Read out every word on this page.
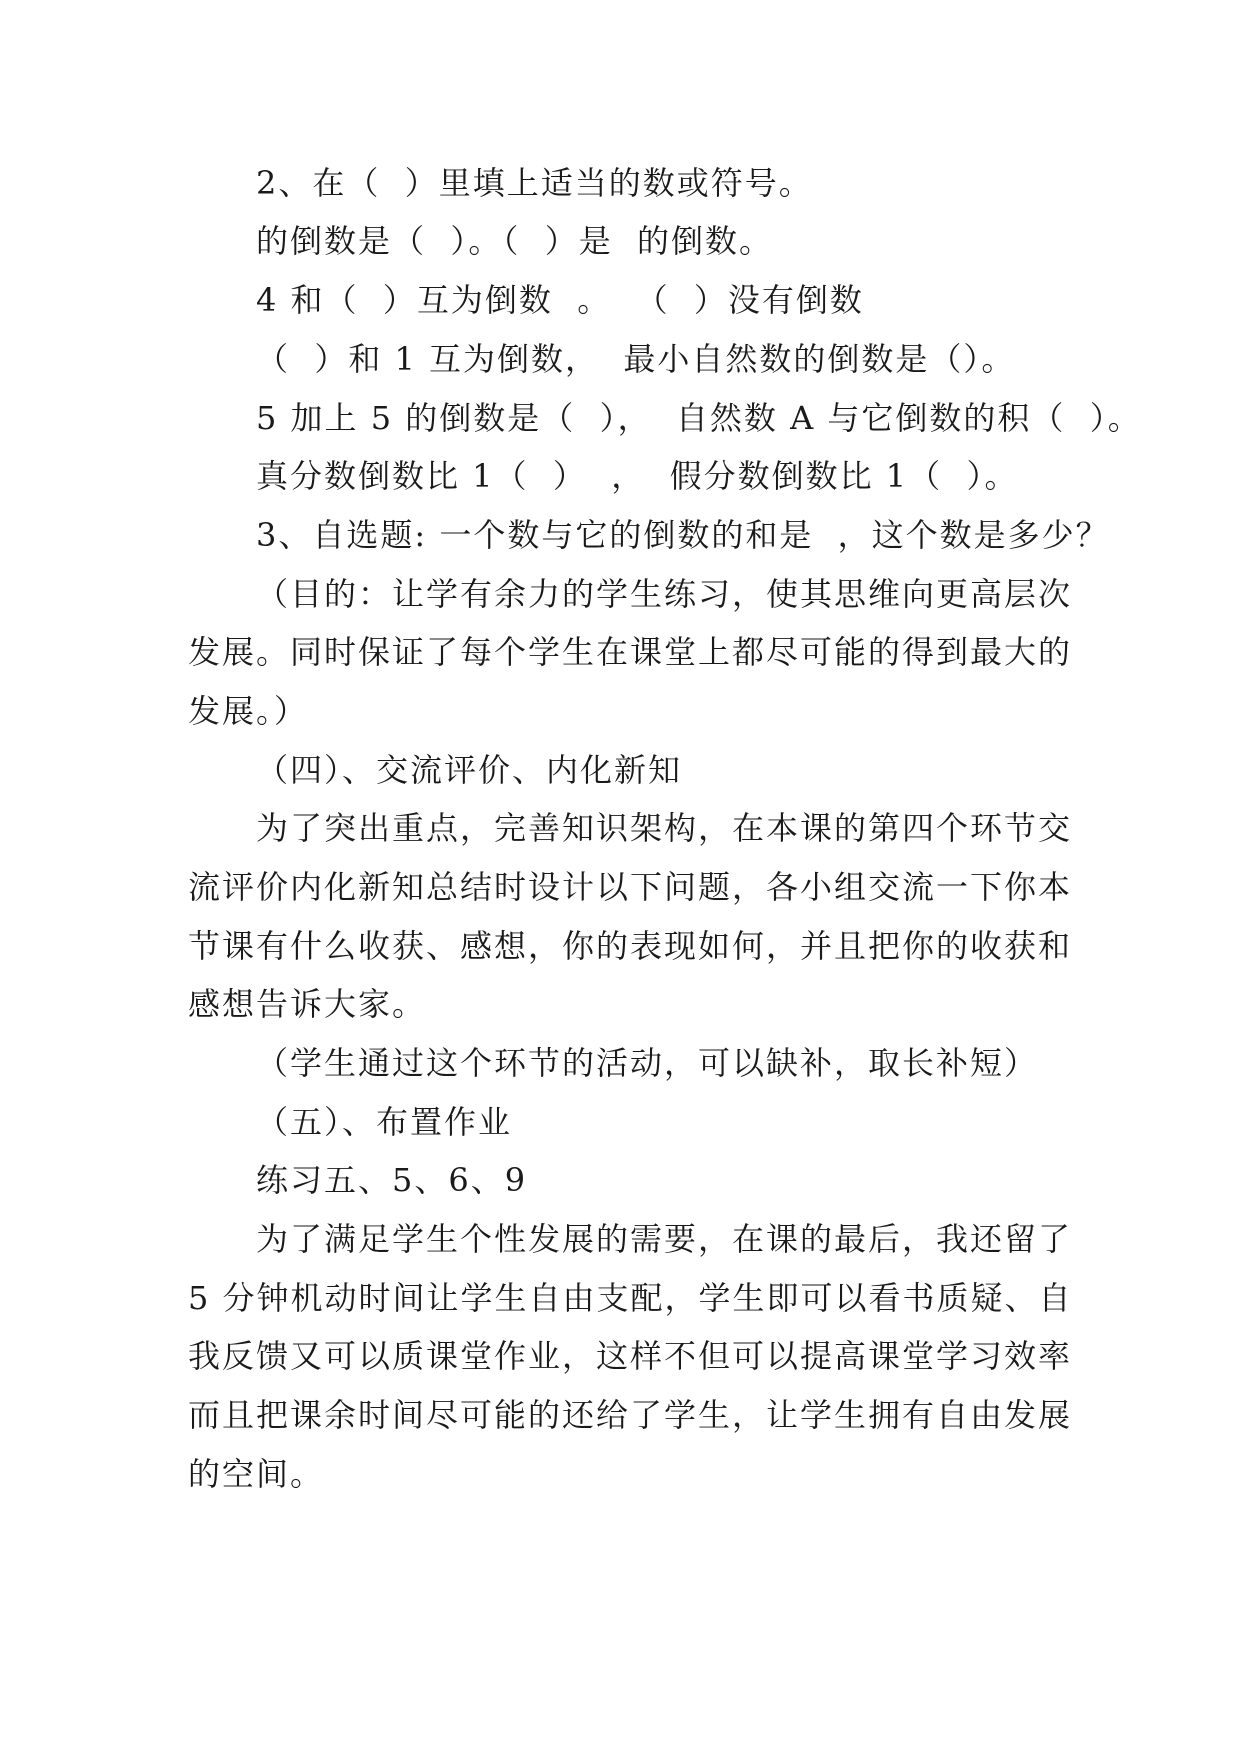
2、在（  ）里填上适当的数或符号。
的倒数是（  ）。（  ）是  的倒数。
4 和（  ）互为倒数  。  （  ）没有倒数
（  ）和 1 互为倒数，  最小自然数的倒数是（）。
5 加上 5 的倒数是（  ），  自然数 A 与它倒数的积（  ）。
真分数倒数比 1（  ）  ，  假分数倒数比 1（  ）。
3、自选题: 一个数与它的倒数的和是  ，这个数是多少？
（目的：让学有余力的学生练习，使其思维向更高层次
发展。同时保证了每个学生在课堂上都尽可能的得到最大的
发展。）
（四）、交流评价、内化新知
为了突出重点，完善知识架构，在本课的第四个环节交
流评价内化新知总结时设计以下问题，各小组交流一下你本
节课有什么收获、感想，你的表现如何，并且把你的收获和
感想告诉大家。
（学生通过这个环节的活动，可以缺补，取长补短）
（五）、布置作业
练习五、5、6、9
为了满足学生个性发展的需要，在课的最后，我还留了
5 分钟机动时间让学生自由支配，学生即可以看书质疑、自
我反馈又可以质课堂作业，这样不但可以提高课堂学习效率
而且把课余时间尽可能的还给了学生，让学生拥有自由发展
的空间。
